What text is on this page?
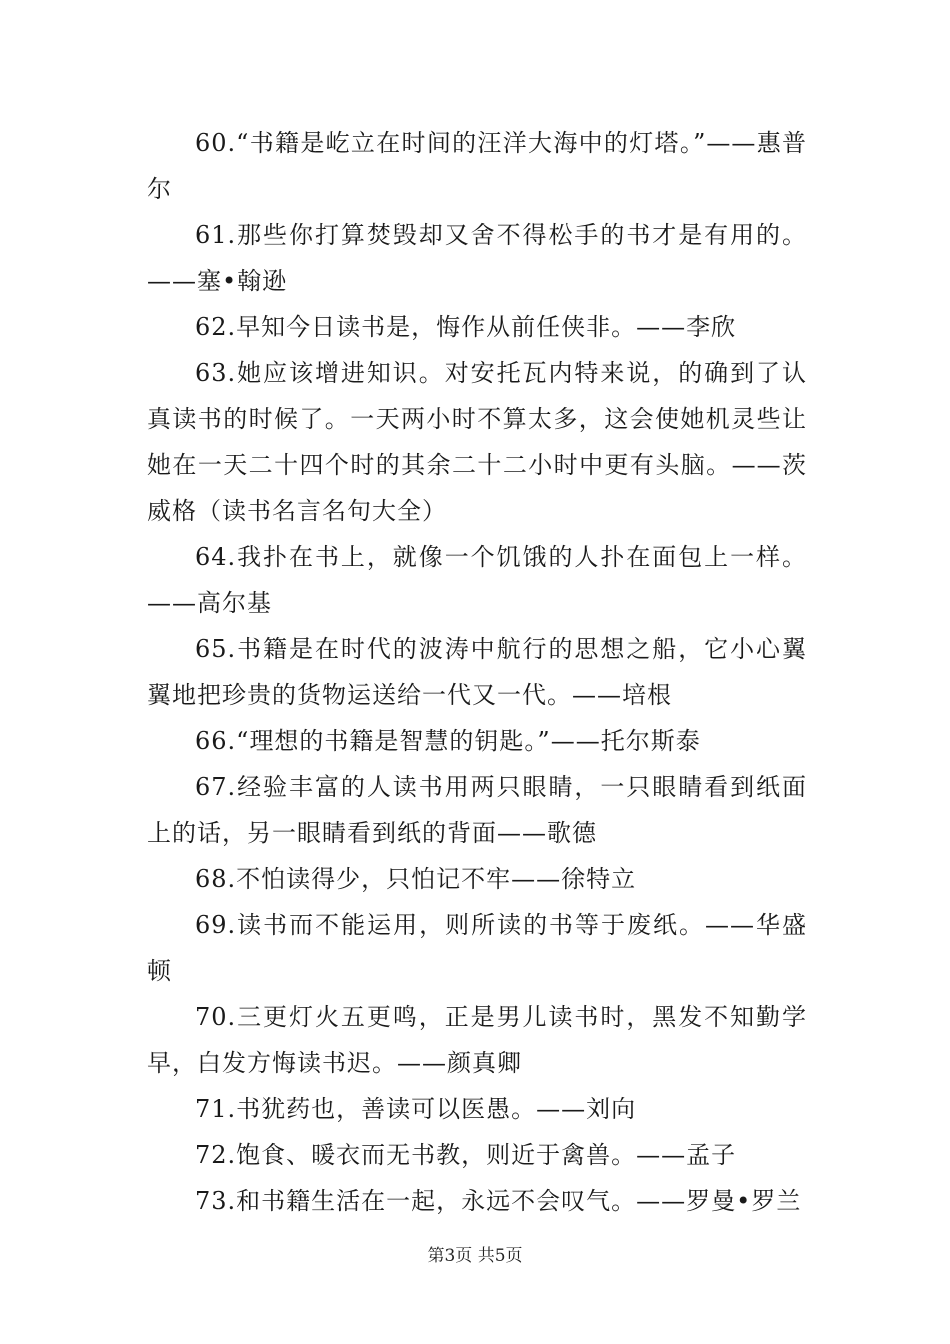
60.“书籍是屹立在时间的汪洋大海中的灯塔。”——惠普尔

61.那些你打算焚毁却又舍不得松手的书才是有用的。——塞•翰逊

62.早知今日读书是，悔作从前任侠非。——李欣

63.她应该增进知识。对安托瓦内特来说，的确到了认真读书的时候了。一天两小时不算太多，这会使她机灵些让她在一天二十四个时的其余二十二小时中更有头脑。——茨威格（读书名言名句大全）

64.我扑在书上，就像一个饥饿的人扑在面包上一样。——高尔基

65.书籍是在时代的波涛中航行的思想之船，它小心翼翼地把珍贵的货物运送给一代又一代。——培根

66.“理想的书籍是智慧的钥匙。”——托尔斯泰

67.经验丰富的人读书用两只眼睛，一只眼睛看到纸面上的话，另一眼睛看到纸的背面——歌德

68.不怕读得少，只怕记不牢——徐特立

69.读书而不能运用，则所读的书等于废纸。——华盛顿

70.三更灯火五更鸣，正是男儿读书时，黑发不知勤学早，白发方悔读书迟。——颜真卿

71.书犹药也，善读可以医愚。——刘向

72.饱食、暖衣而无书教，则近于禽兽。——孟子

73.和书籍生活在一起，永远不会叹气。——罗曼•罗兰

第3页 共5页
